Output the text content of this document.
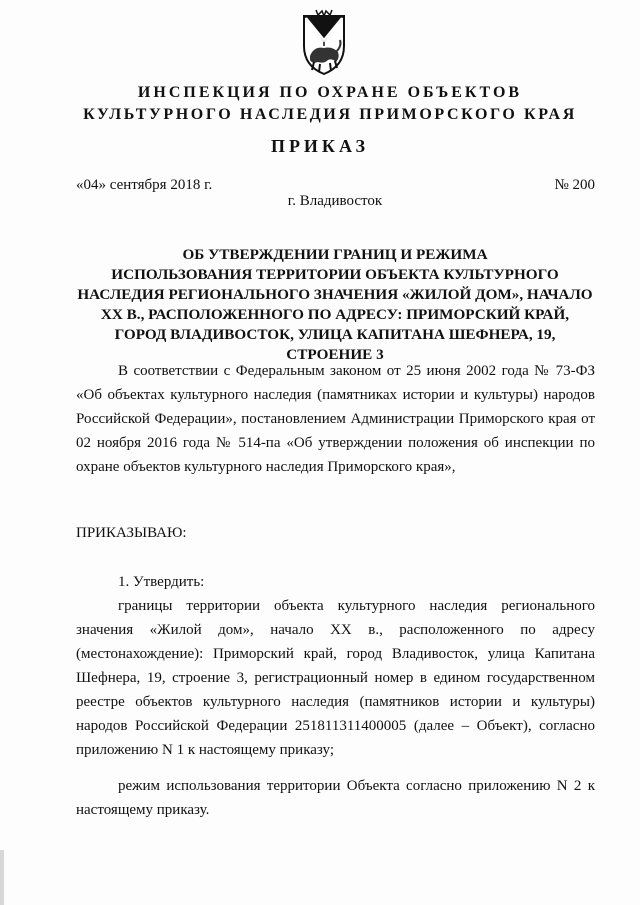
ИНСПЕКЦИЯ ПО ОХРАНЕ ОБЪЕКТОВ
КУЛЬТУРНОГО НАСЛЕДИЯ ПРИМОРСКОГО КРАЯ
ПРИКАЗ
«04» сентября 2018 г.	№ 200
г. Владивосток
ОБ УТВЕРЖДЕНИИ ГРАНИЦ И РЕЖИМА
ИСПОЛЬЗОВАНИЯ ТЕРРИТОРИИ ОБЪЕКТА КУЛЬТУРНОГО
НАСЛЕДИЯ РЕГИОНАЛЬНОГО ЗНАЧЕНИЯ «ЖИЛОЙ ДОМ», НАЧАЛО
XX В., РАСПОЛОЖЕННОГО ПО АДРЕСУ: ПРИМОРСКИЙ КРАЙ,
ГОРОД ВЛАДИВОСТОК, УЛИЦА КАПИТАНА ШЕФНЕРА, 19,
СТРОЕНИЕ 3
В соответствии с Федеральным законом от 25 июня 2002 года № 73-ФЗ
«Об объектах культурного наследия (памятниках истории и культуры) народов
Российской Федерации», постановлением Администрации Приморского края от
02 ноября 2016 года № 514-па «Об утверждении положения об инспекции по
охране объектов культурного наследия Приморского края»,
ПРИКАЗЫВАЮ:
1. Утвердить:
границы территории объекта культурного наследия регионального
значения «Жилой дом», начало XX в., расположенного по адресу
(местонахождение): Приморский край, город Владивосток, улица Капитана
Шефнера, 19, строение 3, регистрационный номер в едином государственном
реестре объектов культурного наследия (памятников истории и культуры)
народов Российской Федерации 251811311400005 (далее – Объект), согласно
приложению N 1 к настоящему приказу;
режим использования территории Объекта согласно приложению N 2 к
настоящему приказу.
